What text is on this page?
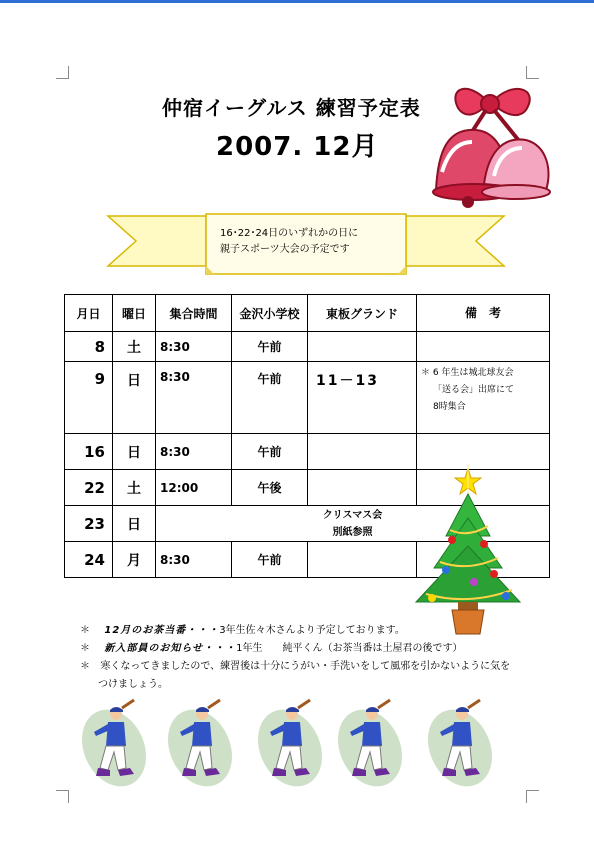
仲宿イーグルス 練習予定表
2007. 12月
16･22･24日のいずれかの日に
親子スポーツ大会の予定です
月日	曜日	集合時間	金沢小学校	東板グランド	備　考
8	土	8:30	午前		
9	日	8:30	午前	11－13	＊ 6 年生は城北球友会
「送る会」出席にて
8時集合

16	日	8:30	午前		
22	土	12:00	午後		
23	日	クリスマス会
別紙参照			

24	月	8:30	午前		
＊ 12月のお茶当番・・・3年生佐々木さんより予定しております。
＊ 新入部員のお知らせ・・・1年生　　純平くん（お茶当番は土屋君の後です）
＊ 寒くなってきましたので、練習後は十分にうがい・手洗いをして風邪を引かないように気を
つけましょう。
